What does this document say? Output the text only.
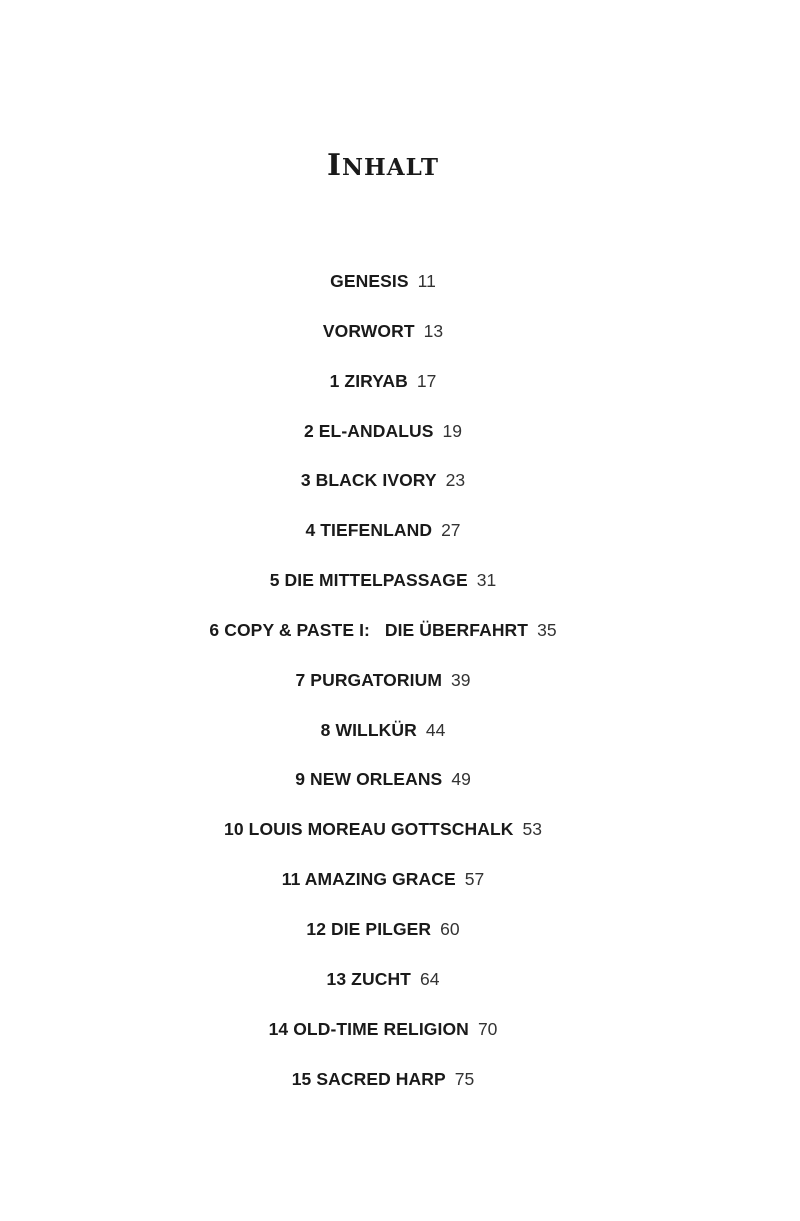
INHALT
GENESIS 11
VORWORT 13
1 ZIRYAB 17
2 EL-ANDALUS 19
3 BLACK IVORY 23
4 TIEFENLAND 27
5 DIE MITTELPASSAGE 31
6 COPY & PASTE I:   DIE ÜBERFAHRT 35
7 PURGATORIUM 39
8 WILLKÜR 44
9 NEW ORLEANS 49
10 LOUIS MOREAU GOTTSCHALK 53
11 AMAZING GRACE 57
12 DIE PILGER 60
13 ZUCHT 64
14 OLD-TIME RELIGION 70
15 SACRED HARP 75
